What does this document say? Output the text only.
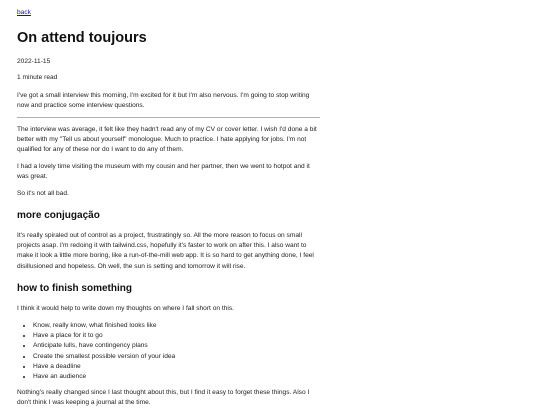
back
On attend toujours
2022-11-15
1 minute read

I've got a small interview this morning, I'm excited for it but I'm also nervous. I'm going to stop writing now and practice some interview questions.

The interview was average, it felt like they hadn't read any of my CV or cover letter. I wish I'd done a bit better with my "Tell us about yourself" monologue. Much to practice. I hate applying for jobs. I'm not qualified for any of these nor do I want to do any of them.

I had a lovely time visiting the museum with my cousin and her partner, then we went to hotpot and it was great.

So it's not all bad.

more conjugação

It's really spiraled out of control as a project, frustratingly so. All the more reason to focus on small projects asap. I'm redoing it with tailwind.css, hopefully it's faster to work on after this. I also want to make it look a little more boring, like a run-of-the-mill web app. It is so hard to get anything done, I feel disillusioned and hopeless. Oh well, the sun is setting and tomorrow it will rise.

how to finish something

I think it would help to write down my thoughts on where I fall short on this.

• Know, really know, what finished looks like
• Have a place for it to go
• Anticipate lulls, have contingency plans
• Create the smallest possible version of your idea
• Have a deadline
• Have an audience

Nothing's really changed since I last thought about this, but I find it easy to forget these things. Also I don't think I was keeping a journal at the time.
